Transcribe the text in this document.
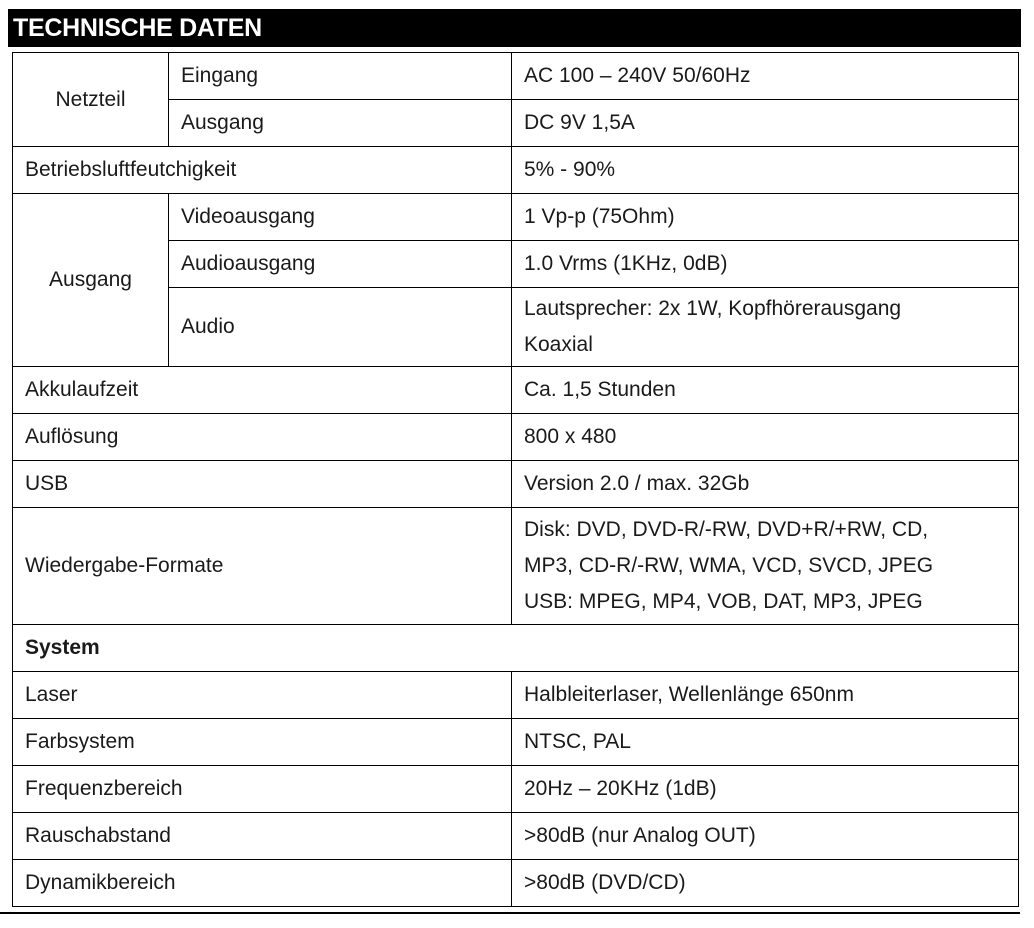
TECHNISCHE DATEN
Netzteil	Eingang	AC 100 – 240V 50/60Hz
	Ausgang	DC 9V 1,5A
Betriebsluftfeutchigkeit		5% - 90%
Ausgang	Videoausgang	1 Vp-p (75Ohm)
	Audioausgang	1.0 Vrms (1KHz, 0dB)
	Audio	Lautsprecher: 2x 1W, Kopfhörerausgang
Koaxial

Akkulaufzeit		Ca. 1,5 Stunden
Auflösung		800 x 480
USB		Version 2.0 / max. 32Gb
Wiedergabe-Formate		Disk: DVD, DVD-R/-RW, DVD+R/+RW, CD,
MP3, CD-R/-RW, WMA, VCD, SVCD, JPEG
USB: MPEG, MP4, VOB, DAT, MP3, JPEG

System		
Laser		Halbleiterlaser, Wellenlänge 650nm
Farbsystem		NTSC, PAL
Frequenzbereich		20Hz – 20KHz (1dB)
Rauschabstand		>80dB (nur Analog OUT)
Dynamikbereich		>80dB (DVD/CD)
